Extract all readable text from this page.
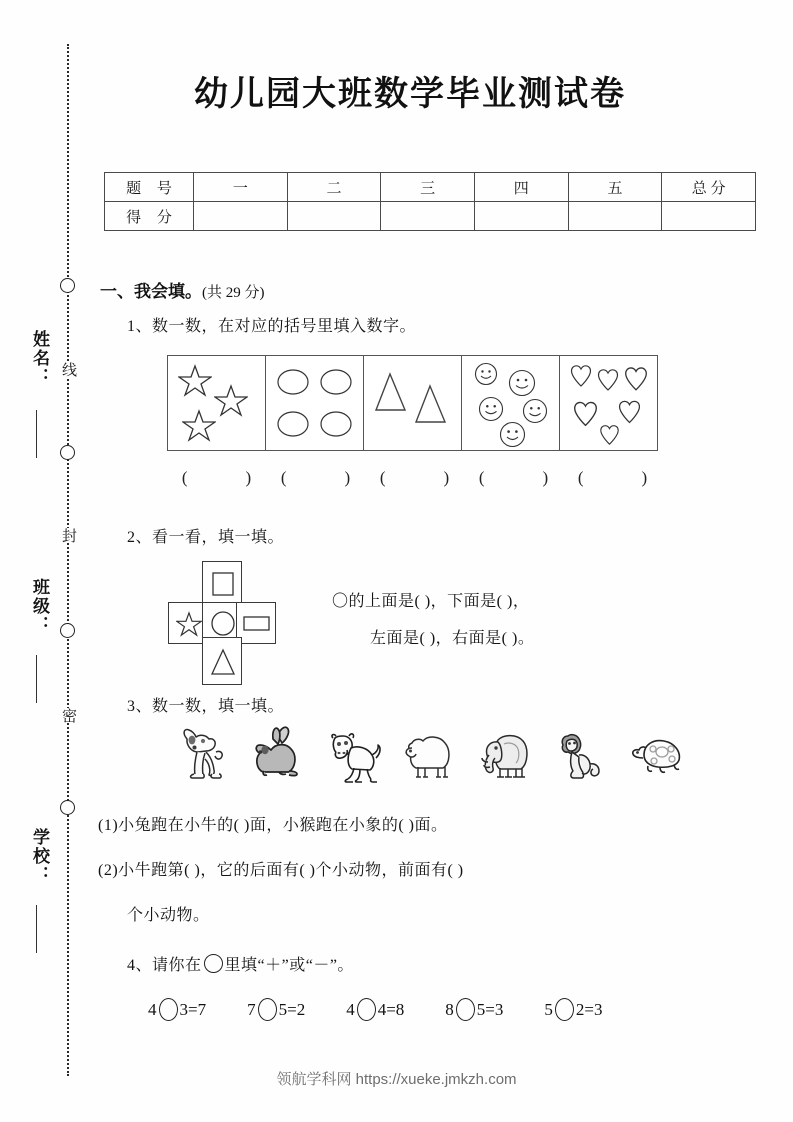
线
封
密
姓名：
班级：
学校：
幼儿园大班数学毕业测试卷
题 号	一	二	三	四	五	总 分
得 分						
一、我会填。(共 29 分)
1、数一数，在对应的括号里填入数字。
(	)	(	)	(	)	(	)	(	)
2、看一看，填一填。
〇的上面是( )，下面是( )，
左面是( )，右面是( )。
3、数一数，填一填。
(1)小兔跑在小牛的( )面，小猴跑在小象的( )面。
(2)小牛跑第( )，它的后面有( )个小动物，前面有( )
个小动物。
4、请你在 里填“＋”或“－”。
4 3 = 7 7 5 = 2 4 4 = 8 8 5 = 3 5 2 = 3
领航学科网 https://xueke.jmkzh.com
